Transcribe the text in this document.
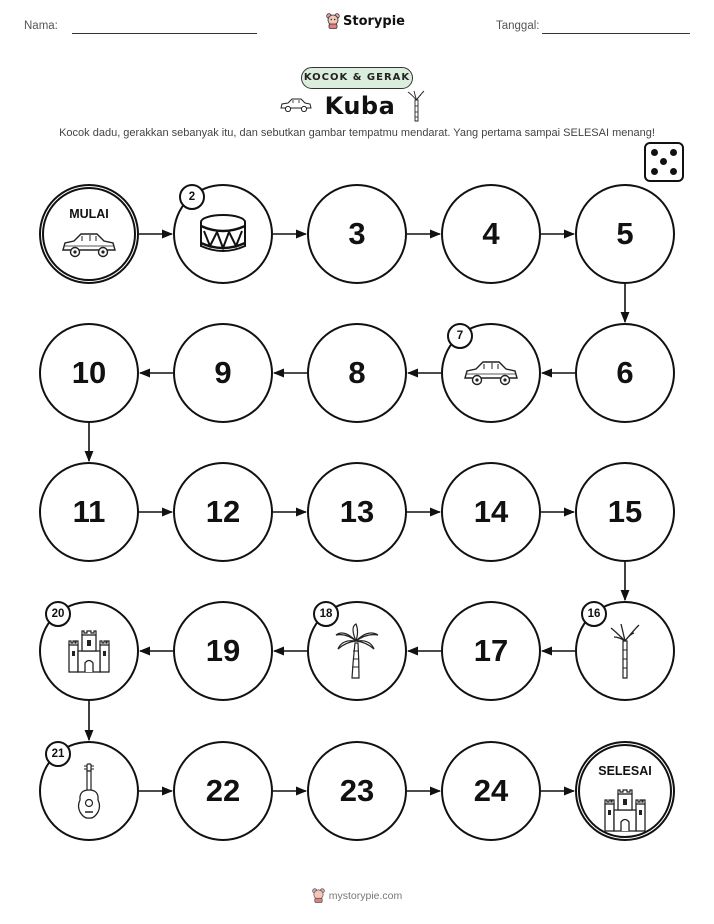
Nama:	Storypie	Tanggal:
KOCOK & GERAK
Kuba
Kocok dadu, gerakkan sebanyak itu, dan sebutkan gambar tempatmu mendarat. Yang pertama sampai SELESAI menang!
MULAI
2
3	4	5
6
7
8
9
10
11	12	13	14	15
16
17
18
19
20
21
22	23	24
SELESAI
mystorypie.com
